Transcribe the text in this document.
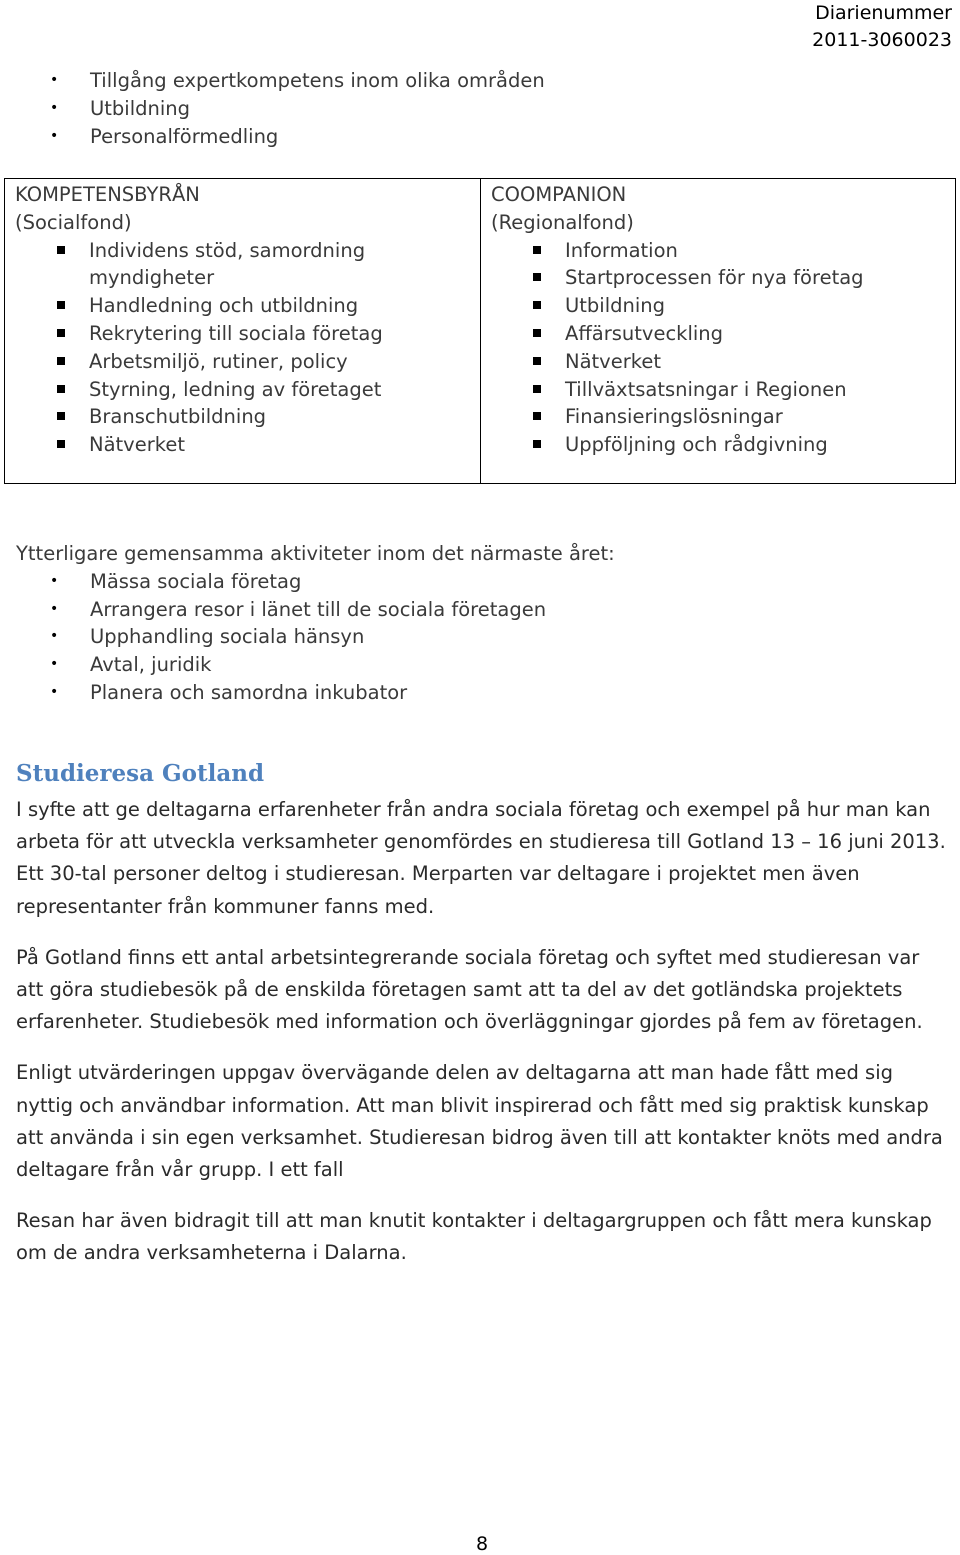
Diarienummer
2011-3060023
• Tillgång expertkompetens inom olika områden
• Utbildning
• Personalförmedling
KOMPETENSBYRÅN
(Socialfond)
Individens stöd, samordning myndigheter
Handledning och utbildning
Rekrytering till sociala företag
Arbetsmiljö, rutiner, policy
Styrning, ledning av företaget
Branschutbildning
Nätverket
COOMPANION
(Regionalfond)
Information
Startprocessen för nya företag
Utbildning
Affärsutveckling
Nätverket
Tillväxtsatsningar i Regionen
Finansieringslösningar
Uppföljning och rådgivning
Ytterligare gemensamma aktiviteter inom det närmaste året:
• Mässa sociala företag
• Arrangera resor i länet till de sociala företagen
• Upphandling sociala hänsyn
• Avtal, juridik
• Planera och samordna inkubator
Studieresa Gotland

I syfte att ge deltagarna erfarenheter från andra sociala företag och exempel på hur man kan arbeta för att utveckla verksamheter genomfördes en studieresa till Gotland 13 – 16 juni 2013. Ett 30-tal personer deltog i studieresan. Merparten var deltagare i projektet men även representanter från kommuner fanns med.

På Gotland finns ett antal arbetsintegrerande sociala företag och syftet med studieresan var att göra studiebesök på de enskilda företagen samt att ta del av det gotländska projektets erfarenheter. Studiebesök med information och överläggningar gjordes på fem av företagen.

Enligt utvärderingen uppgav övervägande delen av deltagarna att man hade fått med sig nyttig och användbar information. Att man blivit inspirerad och fått med sig praktisk kunskap att använda i sin egen verksamhet. Studieresan bidrog även till att kontakter knöts med andra deltagare från vår grupp. I ett fall

Resan har även bidragit till att man knutit kontakter i deltagargruppen och fått mera kunskap om de andra verksamheterna i Dalarna.

8
